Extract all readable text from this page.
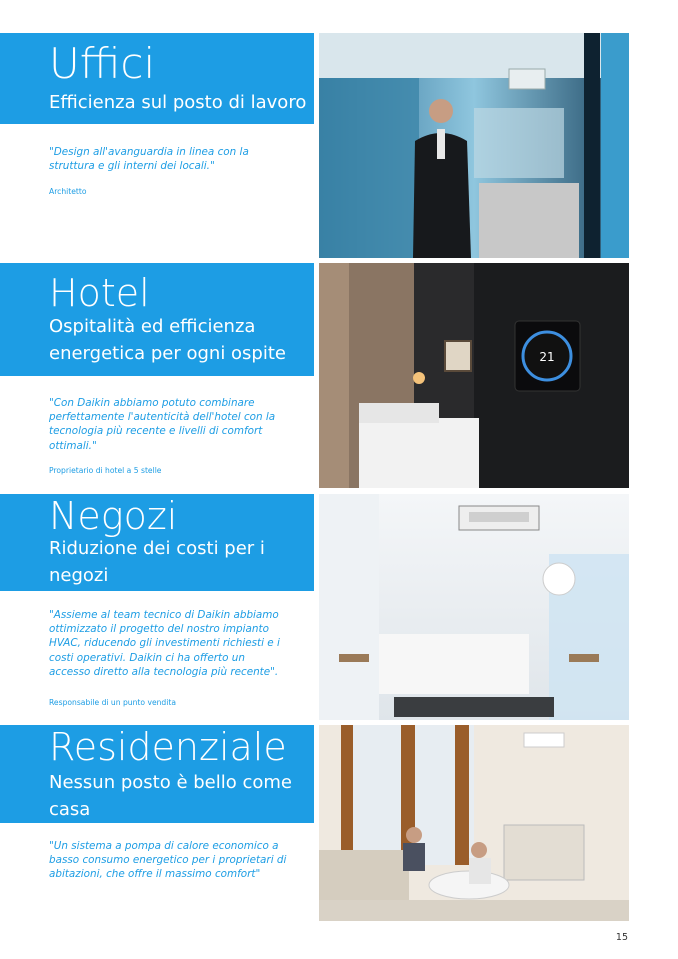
Uffici
Efficienza sul posto di lavoro
"Design all'avanguardia in linea con la struttura e gli interni dei locali."
Architetto
Hotel
Ospitalità ed efficienza energetica per ogni ospite
"Con Daikin abbiamo potuto combinare perfettamente l'autenticità dell'hotel con la tecnologia più recente e livelli di comfort ottimali."
Proprietario di hotel a 5 stelle
21
Negozi
Riduzione dei costi per i negozi
"Assieme al team tecnico di Daikin abbiamo ottimizzato il progetto del nostro impianto HVAC, riducendo gli investimenti richiesti e i costi operativi. Daikin ci ha offerto un accesso diretto alla tecnologia più recente".
Responsabile di un punto vendita
Residenziale
Nessun posto è bello come casa
"Un sistema a pompa di calore economico a basso consumo energetico per i proprietari di abitazioni, che offre il massimo comfort"
15
